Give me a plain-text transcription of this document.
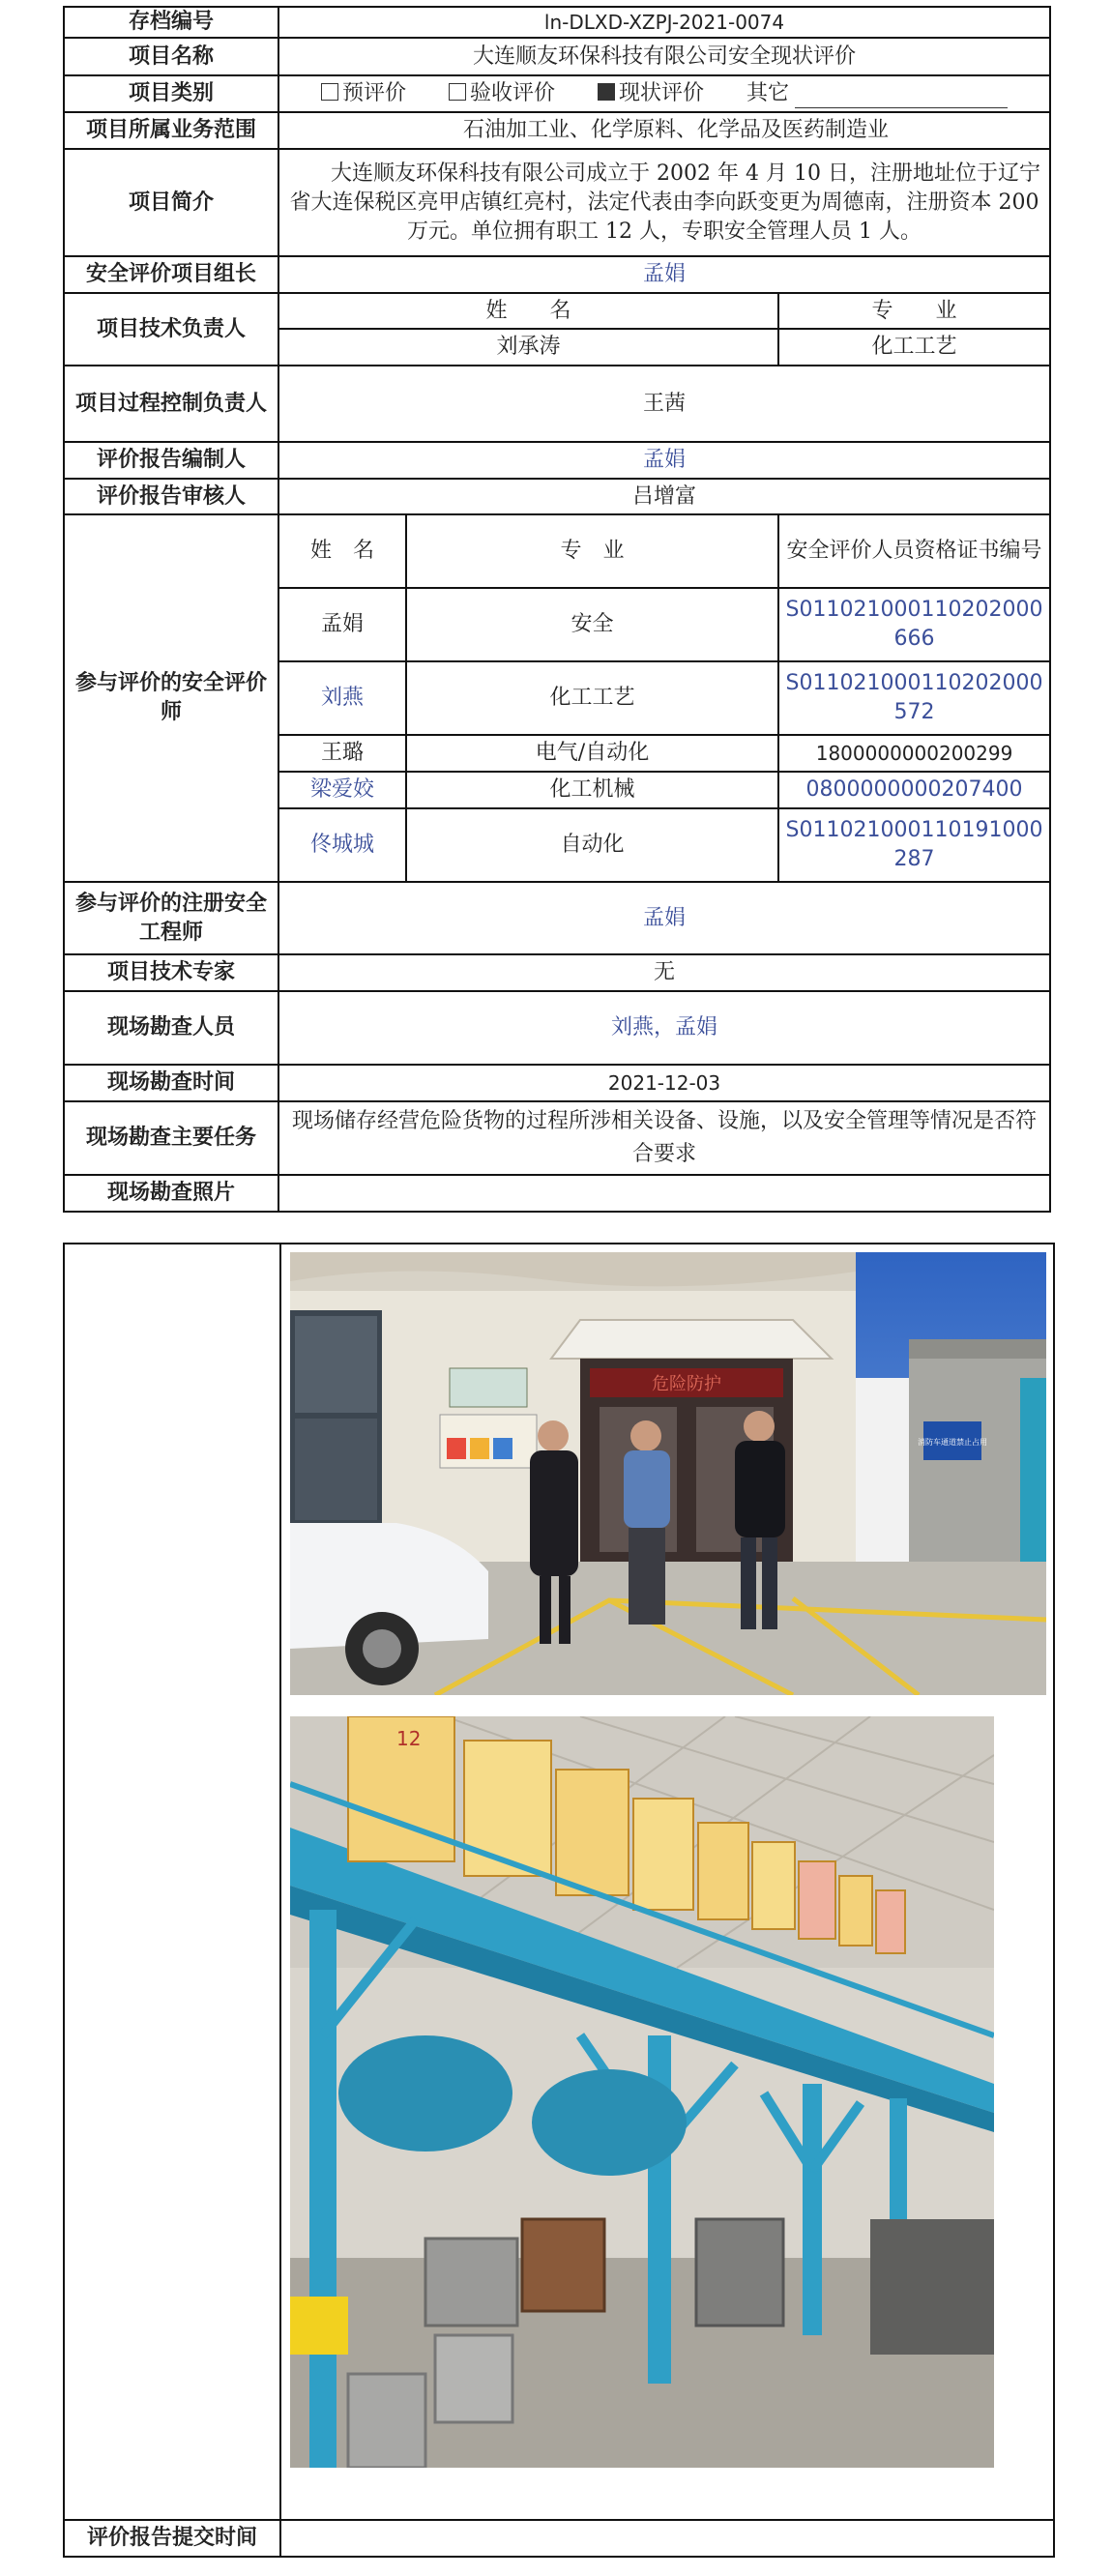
存档编号	ln-DLXD-XZPJ-2021-0074		
项目名称	大连顺友环保科技有限公司安全现状评价		
项目类别	预评价 验收评价 现状评价 其它		
项目所属业务范围	石油加工业、化学原料、化学品及医药制造业		
项目简介	大连顺友环保科技有限公司成立于 2002 年 4 月 10 日，注册地址位于辽宁省大连保税区亮甲店镇红亮村，法定代表由李向跃变更为周德南，注册资本 200 万元。单位拥有职工 12 人，专职安全管理人员 1 人。		
安全评价项目组长	孟娟		
项目技术负责人	姓　　名		专　　业
	刘承涛		化工工艺
项目过程控制负责人	王茜		
评价报告编制人	孟娟		
评价报告审核人	吕增富		
参与评价的安全评价师	姓　名	专　业	安全评价人员资格证书编号
	孟娟	安全	S011021000110202000666
	刘燕	化工工艺	S011021000110202000572
	王璐	电气/自动化	1800000000200299
	梁爱姣	化工机械	0800000000207400
	佟城城	自动化	S011021000110191000287
参与评价的注册安全工程师	孟娟		
项目技术专家	无		
现场勘查人员	刘燕，孟娟		
现场勘查时间	2021-12-03		
现场勘查主要任务	现场储存经营危险货物的过程所涉相关设备、设施，以及安全管理等情况是否符合要求		
现场勘查照片			

评价报告提交时间	
危险防护
消防车通道禁止占用
12
